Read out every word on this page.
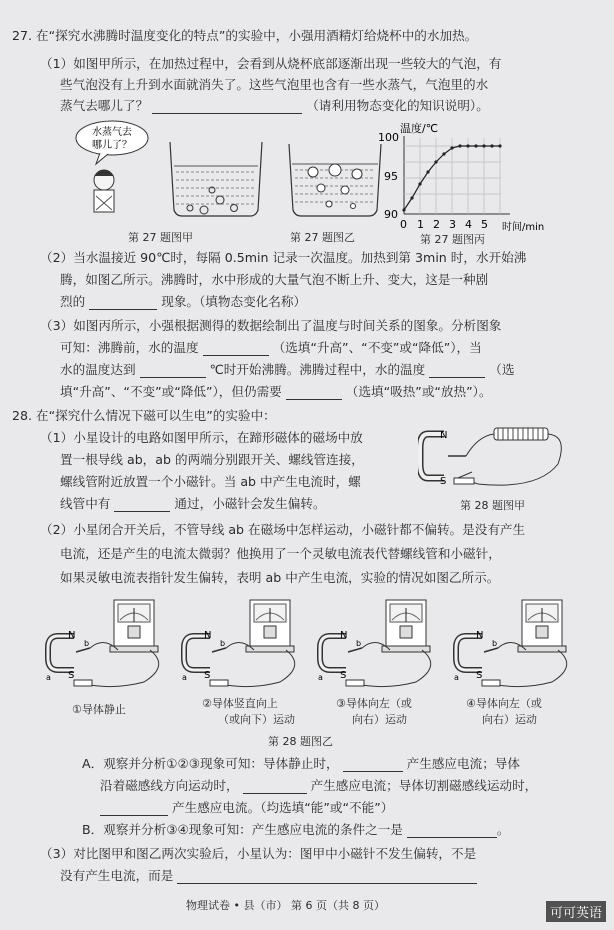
27. 在“探究水沸腾时温度变化的特点”的实验中，小强用酒精灯给烧杯中的水加热。
（1）如图甲所示，在加热过程中，会看到从烧杯底部逐渐出现一些较大的气泡，有
些气泡没有上升到水面就消失了。这些气泡里也含有一些水蒸气，气泡里的水
蒸气去哪儿了？	（请利用物态变化的知识说明）。
水蒸气去
哪儿了？
温度/℃
100
95
90
0 1 2 3 4 5 时间/min
第 27 题图甲	第 27 题图乙	第 27 题图丙
（2）当水温接近 90℃时，每隔 0.5min 记录一次温度。加热到第 3min 时，水开始沸
腾，如图乙所示。沸腾时，水中形成的大量气泡不断上升、变大，这是一种剧
烈的	现象。（填物态变化名称）
（3）如图丙所示，小强根据测得的数据绘制出了温度与时间关系的图象。分析图象
可知：沸腾前，水的温度	（选填“升高”、“不变”或“降低”），当
水的温度达到	℃时开始沸腾。沸腾过程中，水的温度	（选
填“升高”、“不变”或“降低”），但仍需要	（选填“吸热”或“放热”）。
28. 在“探究什么情况下磁可以生电”的实验中：
（1）小星设计的电路如图甲所示，在蹄形磁体的磁场中放
置一根导线 ab，ab 的两端分别跟开关、螺线管连接，
螺线管附近放置一个小磁针。当 ab 中产生电流时，螺
线管中有	通过，小磁针会发生偏转。
N
S
第 28 题图甲
（2）小星闭合开关后，不管导线 ab 在磁场中怎样运动，小磁针都不偏转。是没有产生
电流，还是产生的电流太微弱？他换用了一个灵敏电流表代替螺线管和小磁针，
如果灵敏电流表指针发生偏转，表明 ab 中产生电流，实验的情况如图乙所示。
N
S
b
a
N
S
b
a
N
S
b
a
N
S
b
a
①导体静止	②导体竖直向上
（或向下）运动
③导体向左（或
向右）运动
④导体向左（或
向右）运动
第 28 题图乙
A．观察并分析①②③现象可知：导体静止时，	产生感应电流；导体
沿着磁感线方向运动时，	产生感应电流；导体切割磁感线运动时，
产生感应电流。（均选填“能”或“不能”）
B．观察并分析③④现象可知：产生感应电流的条件之一是	。
（3）对比图甲和图乙两次实验后，小星认为：图甲中小磁针不发生偏转，不是
没有产生电流，而是
物理试卷 • 县（市） 第 6 页（共 8 页）
可可英语
